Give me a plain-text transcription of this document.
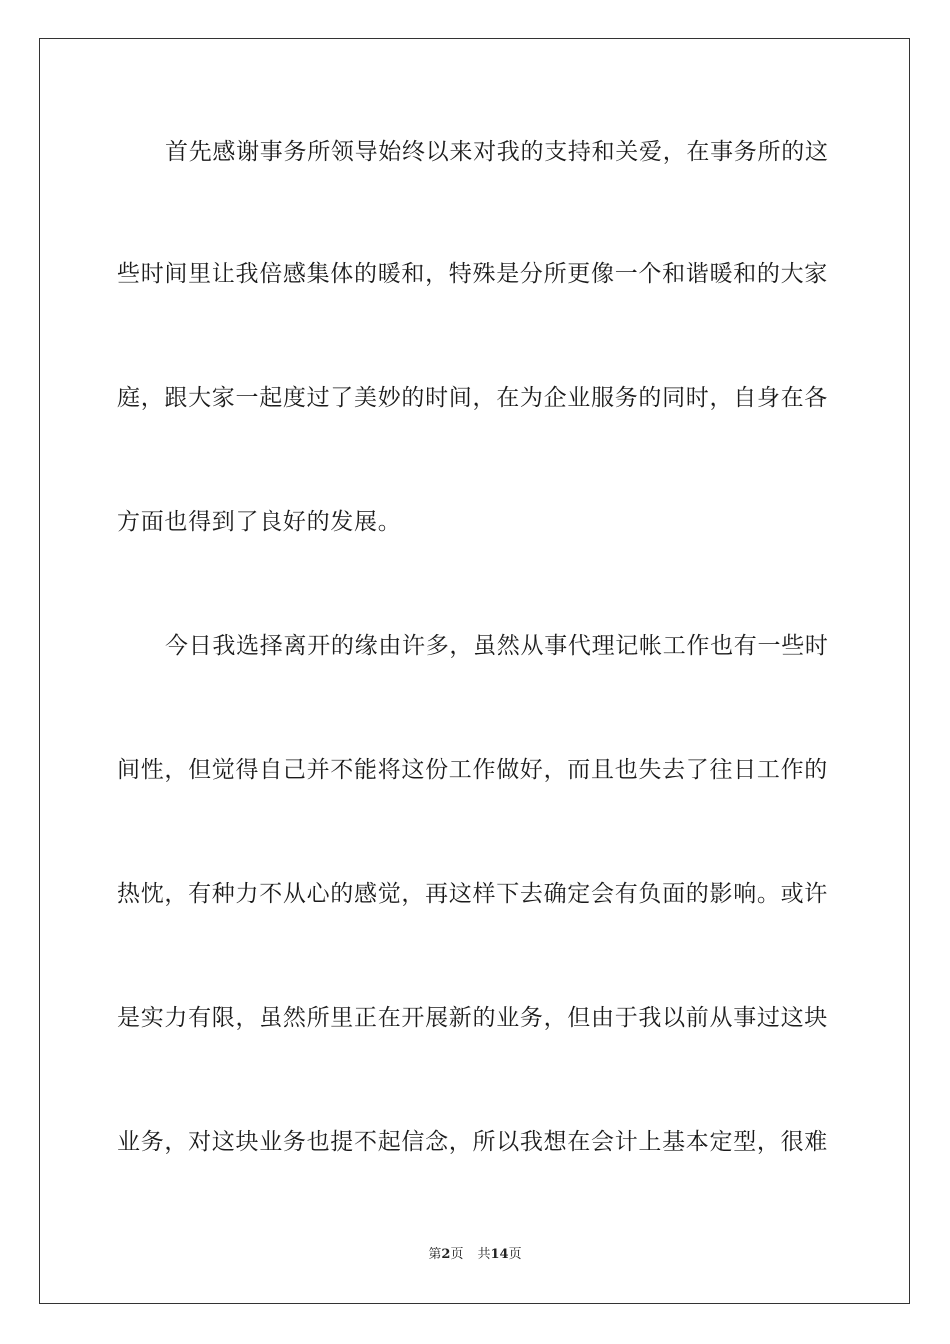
首先感谢事务所领导始终以来对我的支持和关爱，在事务所的这
些时间里让我倍感集体的暖和，特殊是分所更像一个和谐暖和的大家
庭，跟大家一起度过了美妙的时间，在为企业服务的同时，自身在各
方面也得到了良好的发展。
今日我选择离开的缘由许多，虽然从事代理记帐工作也有一些时
间性，但觉得自己并不能将这份工作做好，而且也失去了往日工作的
热忱，有种力不从心的感觉，再这样下去确定会有负面的影响。或许
是实力有限，虽然所里正在开展新的业务，但由于我以前从事过这块
业务，对这块业务也提不起信念，所以我想在会计上基本定型，很难
第2页 共14页
